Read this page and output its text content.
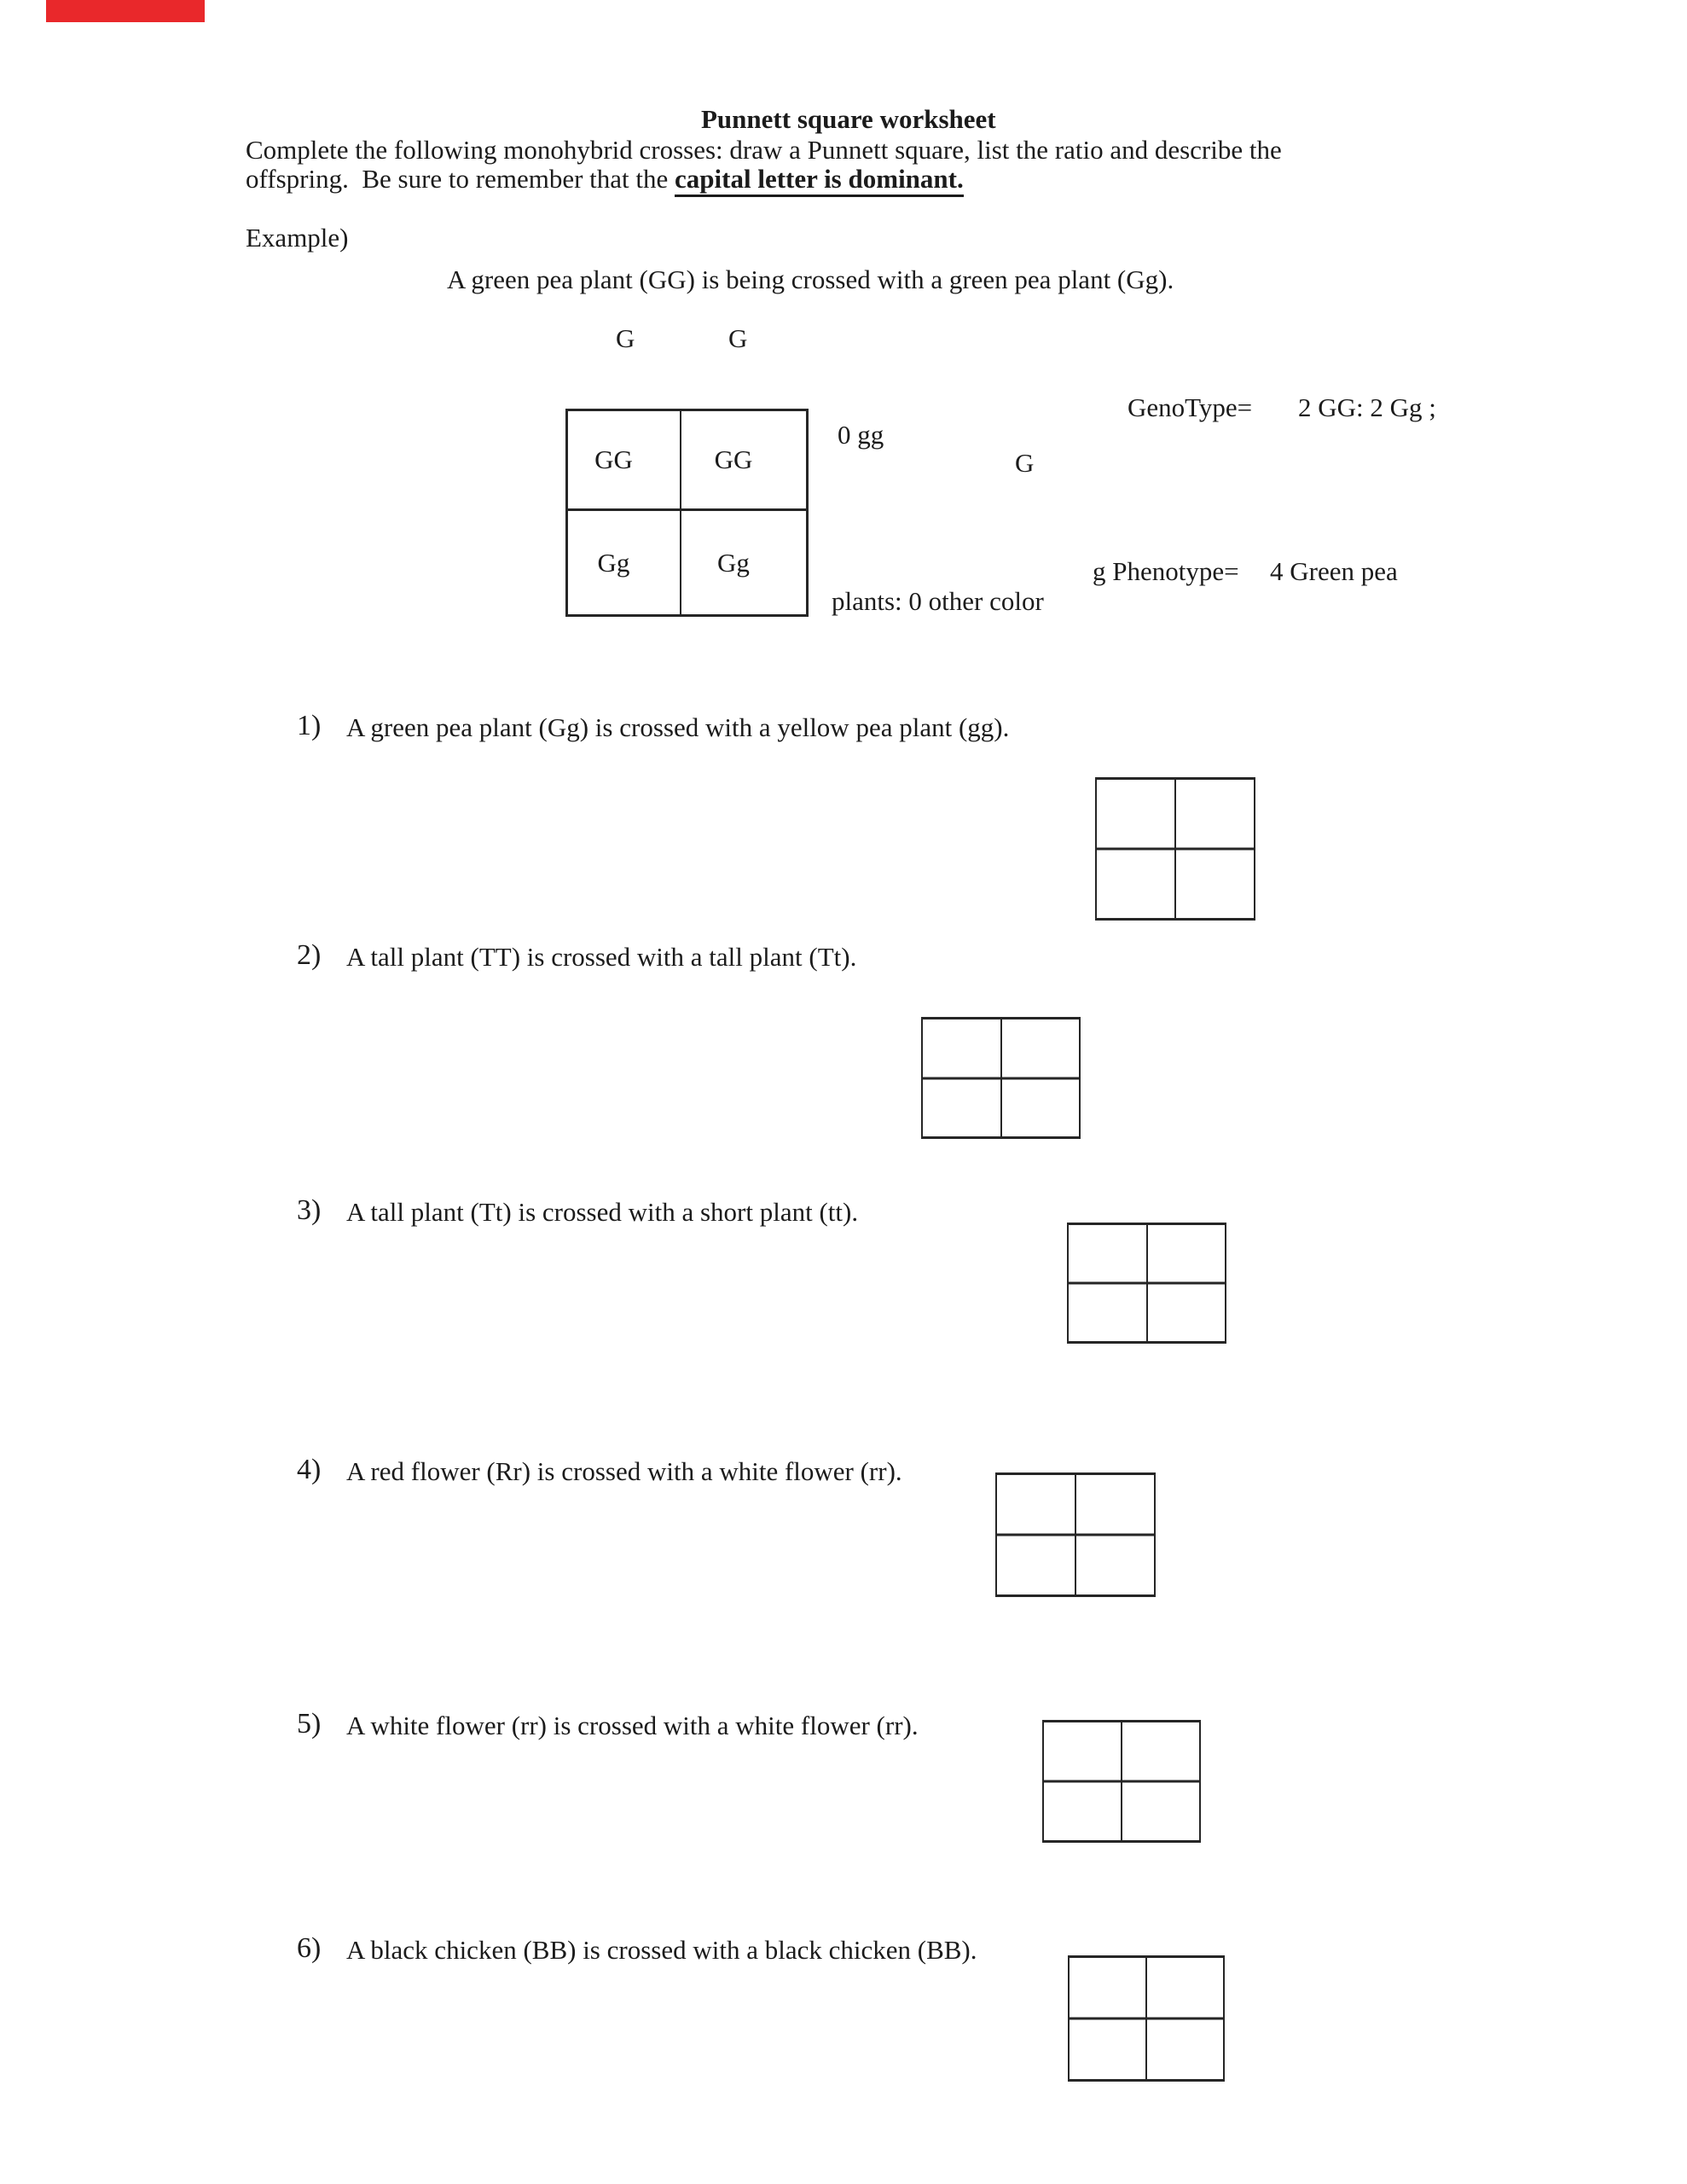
Punnett square worksheet
Complete the following monohybrid crosses: draw a Punnett square, list the ratio and describe the
offspring.  Be sure to remember that the capital letter is dominant.
Example)
A green pea plant (GG) is being crossed with a green pea plant (Gg).
G	G
GG	GG
Gg	Gg
GenoType= 2 GG: 2 Gg ;
0 gg
G
g Phenotype= 4 Green pea
plants: 0 other color
1) A green pea plant (Gg) is crossed with a yellow pea plant (gg).
2) A tall plant (TT) is crossed with a tall plant (Tt).
3) A tall plant (Tt) is crossed with a short plant (tt).
4) A red flower (Rr) is crossed with a white flower (rr).
5) A white flower (rr) is crossed with a white flower (rr).
6) A black chicken (BB) is crossed with a black chicken (BB).
